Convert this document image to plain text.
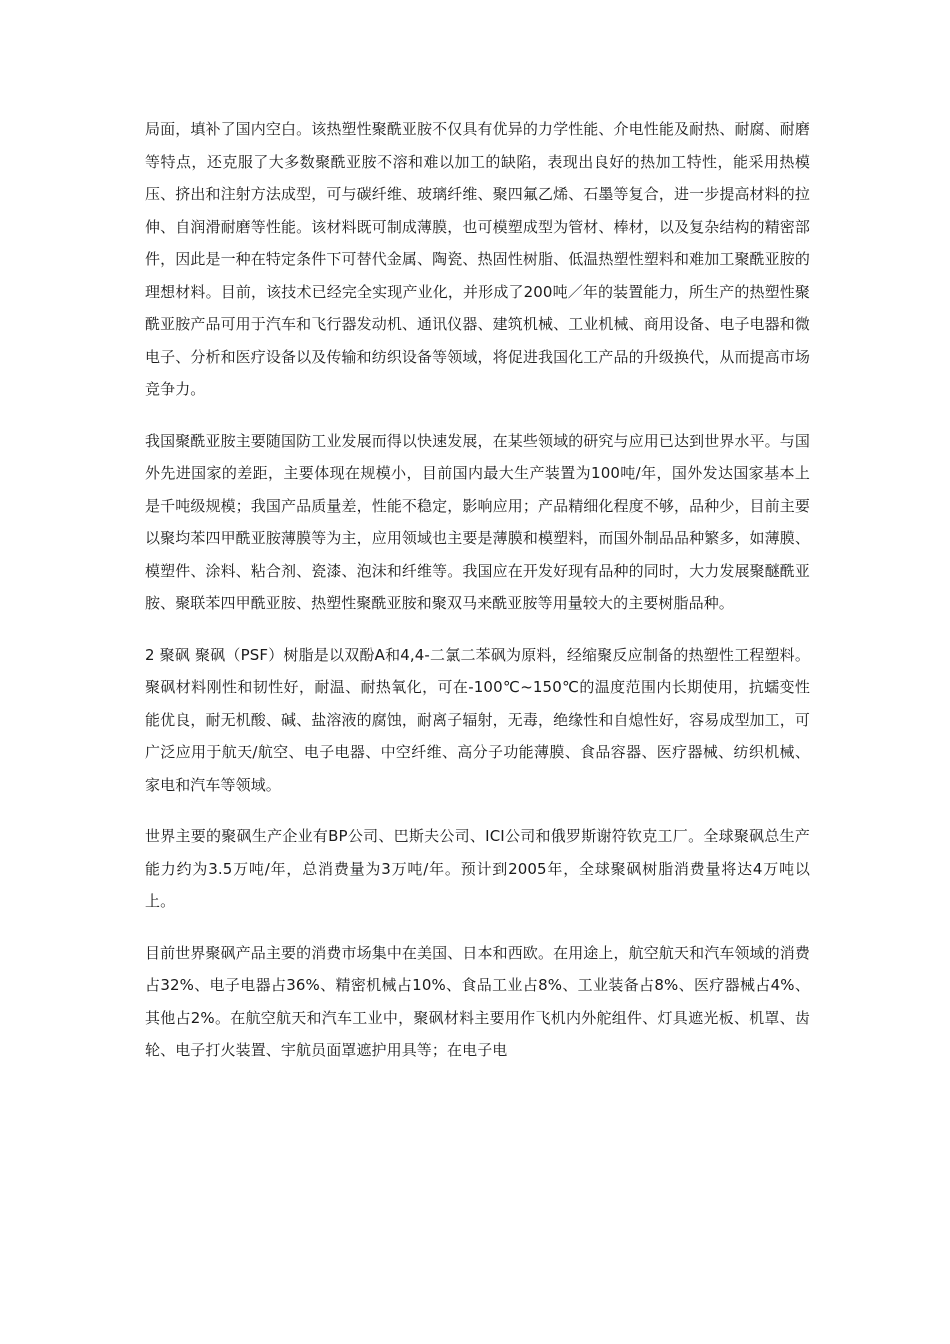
局面，填补了国内空白。该热塑性聚酰亚胺不仅具有优异的力学性能、介电性能及耐热、耐腐、耐磨等特点，还克服了大多数聚酰亚胺不溶和难以加工的缺陷，表现出良好的热加工特性，能采用热模压、挤出和注射方法成型，可与碳纤维、玻璃纤维、聚四氟乙烯、石墨等复合，进一步提高材料的拉伸、自润滑耐磨等性能。该材料既可制成薄膜，也可模塑成型为管材、棒材，以及复杂结构的精密部件，因此是一种在特定条件下可替代金属、陶瓷、热固性树脂、低温热塑性塑料和难加工聚酰亚胺的理想材料。目前，该技术已经完全实现产业化，并形成了200吨／年的装置能力，所生产的热塑性聚酰亚胺产品可用于汽车和飞行器发动机、通讯仪器、建筑机械、工业机械、商用设备、电子电器和微电子、分析和医疗设备以及传输和纺织设备等领域，将促进我国化工产品的升级换代，从而提高市场竞争力。

我国聚酰亚胺主要随国防工业发展而得以快速发展，在某些领域的研究与应用已达到世界水平。与国外先进国家的差距，主要体现在规模小，目前国内最大生产装置为100吨/年，国外发达国家基本上是千吨级规模；我国产品质量差，性能不稳定，影响应用；产品精细化程度不够，品种少，目前主要以聚均苯四甲酰亚胺薄膜等为主，应用领域也主要是薄膜和模塑料，而国外制品品种繁多，如薄膜、模塑件、涂料、粘合剂、瓷漆、泡沫和纤维等。我国应在开发好现有品种的同时，大力发展聚醚酰亚胺、聚联苯四甲酰亚胺、热塑性聚酰亚胺和聚双马来酰亚胺等用量较大的主要树脂品种。

2 聚砜 聚砜（PSF）树脂是以双酚A和4,4-二氯二苯砜为原料，经缩聚反应制备的热塑性工程塑料。聚砜材料刚性和韧性好，耐温、耐热氧化，可在-100℃~150℃的温度范围内长期使用，抗蠕变性能优良，耐无机酸、碱、盐溶液的腐蚀，耐离子辐射，无毒，绝缘性和自熄性好，容易成型加工，可广泛应用于航天/航空、电子电器、中空纤维、高分子功能薄膜、食品容器、医疗器械、纺织机械、家电和汽车等领域。

世界主要的聚砜生产企业有BP公司、巴斯夫公司、ICI公司和俄罗斯谢符钦克工厂。全球聚砜总生产能力约为3.5万吨/年，总消费量为3万吨/年。预计到2005年，全球聚砜树脂消费量将达4万吨以上。

目前世界聚砜产品主要的消费市场集中在美国、日本和西欧。在用途上，航空航天和汽车领域的消费占32%、电子电器占36%、精密机械占10%、食品工业占8%、工业装备占8%、医疗器械占4%、其他占2%。在航空航天和汽车工业中，聚砜材料主要用作飞机内外舵组件、灯具遮光板、机罩、齿轮、电子打火装置、宇航员面罩遮护用具等；在电子电
